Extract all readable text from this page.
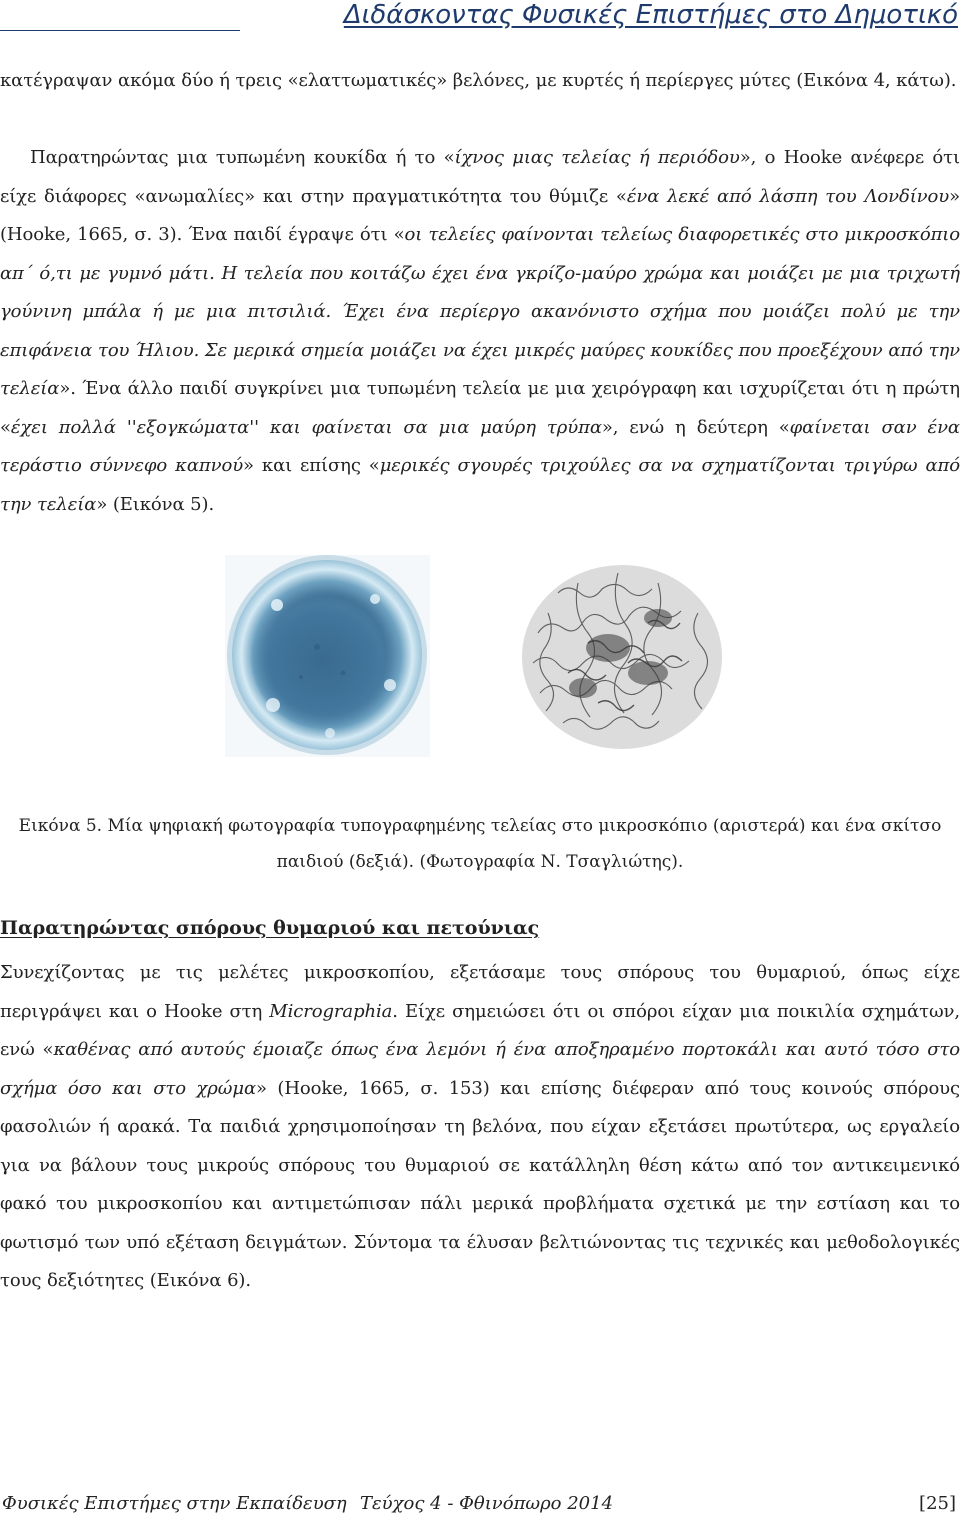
Διδάσκοντας Φυσικές Επιστήμες στο Δημοτικό

κατέγραψαν ακόμα δύο ή τρεις «ελαττωματικές» βελόνες, με κυρτές ή περίεργες μύτες (Εικόνα 4, κάτω).

Παρατηρώντας μια τυπωμένη κουκίδα ή το «ίχνος μιας τελείας ή περιόδου», ο Hooke ανέφερε ότι είχε διάφορες «ανωμαλίες» και στην πραγματικότητα του θύμιζε «ένα λεκέ από λάσπη του Λονδίνου» (Hooke, 1665, σ. 3). Ένα παιδί έγραψε ότι «οι τελείες φαίνονται τελείως διαφορετικές στο μικροσκόπιο απ΄ ό,τι με γυμνό μάτι. Η τελεία που κοιτάζω έχει ένα γκρίζο-μαύρο χρώμα και μοιάζει με μια τριχωτή γούνινη μπάλα ή με μια πιτσιλιά. Έχει ένα περίεργο ακανόνιστο σχήμα που μοιάζει πολύ με την επιφάνεια του Ήλιου. Σε μερικά σημεία μοιάζει να έχει μικρές μαύρες κουκίδες που προεξέχουν από την τελεία». Ένα άλλο παιδί συγκρίνει μια τυπωμένη τελεία με μια χειρόγραφη και ισχυρίζεται ότι η πρώτη «έχει πολλά ''εξογκώματα'' και φαίνεται σα μια μαύρη τρύπα», ενώ η δεύτερη «φαίνεται σαν ένα τεράστιο σύννεφο καπνού» και επίσης «μερικές σγουρές τριχούλες σα να σχηματίζονται τριγύρω από την τελεία» (Εικόνα 5).

Εικόνα 5. Μία ψηφιακή φωτογραφία τυπογραφημένης τελείας στο μικροσκόπιο (αριστερά) και ένα σκίτσο παιδιού (δεξιά). (Φωτογραφία Ν. Τσαγλιώτης).
Παρατηρώντας σπόρους θυμαριού και πετούνιας

Συνεχίζοντας με τις μελέτες μικροσκοπίου, εξετάσαμε τους σπόρους του θυμαριού, όπως είχε περιγράψει και ο Hooke στη Micrographia. Είχε σημειώσει ότι οι σπόροι είχαν μια ποικιλία σχημάτων, ενώ «καθένας από αυτούς έμοιαζε όπως ένα λεμόνι ή ένα αποξηραμένο πορτοκάλι και αυτό τόσο στο σχήμα όσο και στο χρώμα» (Hooke, 1665, σ. 153) και επίσης διέφεραν από τους κοινούς σπόρους φασολιών ή αρακά. Τα παιδιά χρησιμοποίησαν τη βελόνα, που είχαν εξετάσει πρωτύτερα, ως εργαλείο για να βάλουν τους μικρούς σπόρους του θυμαριού σε κατάλληλη θέση κάτω από τον αντικειμενικό φακό του μικροσκοπίου και αντιμετώπισαν πάλι μερικά προβλήματα σχετικά με την εστίαση και το φωτισμό των υπό εξέταση δειγμάτων. Σύντομα τα έλυσαν βελτιώνοντας τις τεχνικές και μεθοδολογικές τους δεξιότητες (Εικόνα 6).

Φυσικές Επιστήμες στην Εκπαίδευση Τεύχος 4 - Φθινόπωρο 2014	[25]
